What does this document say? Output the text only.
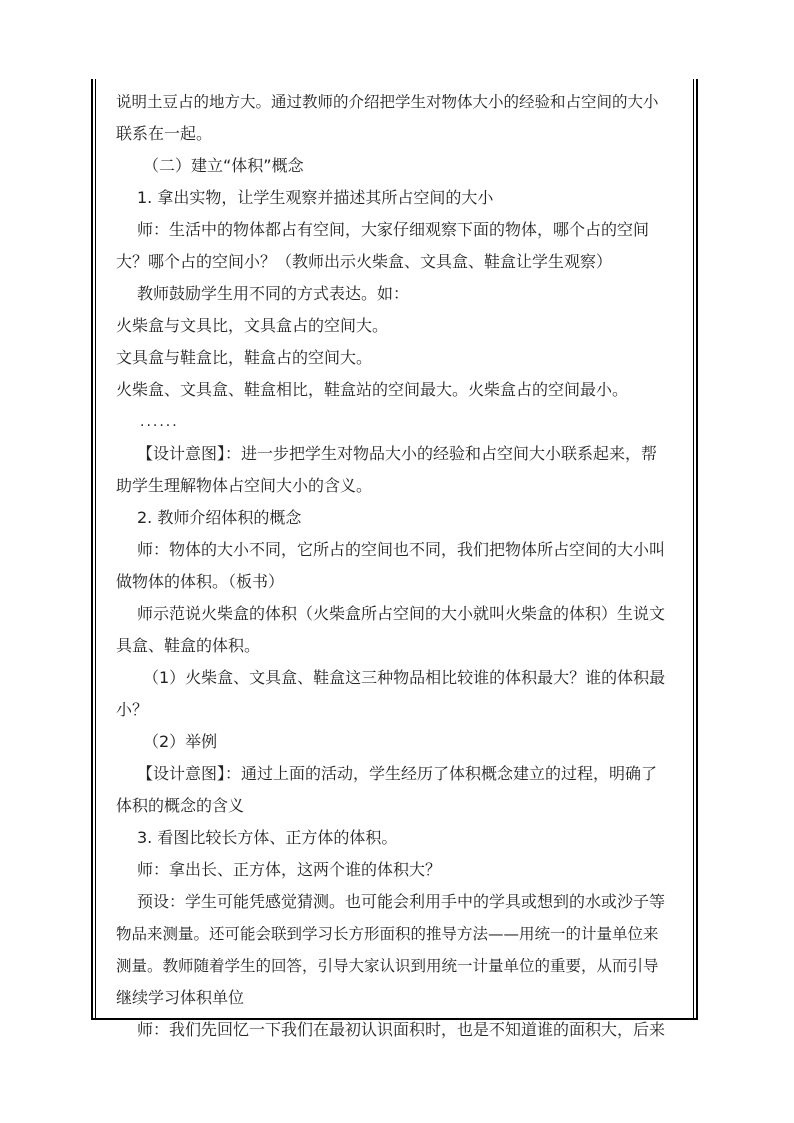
说明土豆占的地方大。通过教师的介绍把学生对物体大小的经验和占空间的大小
联系在一起。
（二）建立“体积”概念
1. 拿出实物，让学生观察并描述其所占空间的大小
师：生活中的物体都占有空间，大家仔细观察下面的物体，哪个占的空间
大？哪个占的空间小？（教师出示火柴盒、文具盒、鞋盒让学生观察）
教师鼓励学生用不同的方式表达。如：
火柴盒与文具比，文具盒占的空间大。
文具盒与鞋盒比，鞋盒占的空间大。
火柴盒、文具盒、鞋盒相比，鞋盒站的空间最大。火柴盒占的空间最小。
......
【设计意图】：进一步把学生对物品大小的经验和占空间大小联系起来，帮
助学生理解物体占空间大小的含义。
2. 教师介绍体积的概念
师：物体的大小不同，它所占的空间也不同，我们把物体所占空间的大小叫
做物体的体积。（板书）
师示范说火柴盒的体积（火柴盒所占空间的大小就叫火柴盒的体积）生说文
具盒、鞋盒的体积。
（1）火柴盒、文具盒、鞋盒这三种物品相比较谁的体积最大？谁的体积最
小？
（2）举例
【设计意图】：通过上面的活动，学生经历了体积概念建立的过程，明确了
体积的概念的含义
3. 看图比较长方体、正方体的体积。
师：拿出长、正方体，这两个谁的体积大？
预设：学生可能凭感觉猜测。也可能会利用手中的学具或想到的水或沙子等
物品来测量。还可能会联到学习长方形面积的推导方法——用统一的计量单位来
测量。教师随着学生的回答，引导大家认识到用统一计量单位的重要，从而引导
继续学习体积单位
师：我们先回忆一下我们在最初认识面积时，也是不知道谁的面积大，后来
